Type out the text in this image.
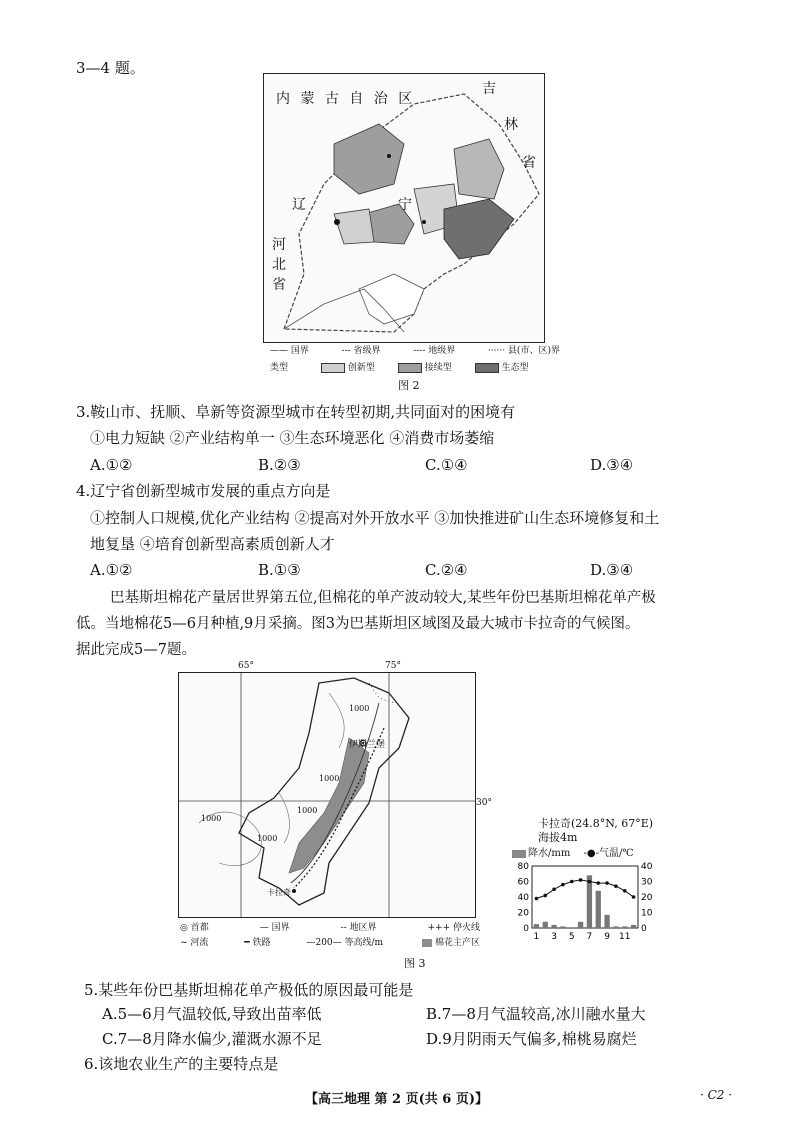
3—4 题。
内 蒙 古 自 治 区
吉
林
省
辽	宁
河
北
省
—— 国界	--- 省级界	---- 地级界	······ 县(市、区)界
类型	创新型	接续型	生态型
图 2
3.鞍山市、抚顺、阜新等资源型城市在转型初期,共同面对的困境有
①电力短缺 ②产业结构单一 ③生态环境恶化 ④消费市场萎缩
A.①②	B.②③	C.①④	D.③④
4.辽宁省创新型城市发展的重点方向是
①控制人口规模,优化产业结构 ②提高对外开放水平 ③加快推进矿山生态环境修复和土
地复垦 ④培育创新型高素质创新人才
A.①②	B.①③	C.②④	D.③④
巴基斯坦棉花产量居世界第五位,但棉花的单产波动较大,某些年份巴基斯坦棉花单产极
低。当地棉花5—6月种植,9月采摘。图3为巴基斯坦区域图及最大城市卡拉奇的气候图。
据此完成5—7题。
65°	75°
30°
1000
1000
1000
1000
1000
伊斯兰堡
卡拉奇
◎ 首都	— 国界	-- 地区界	+++ 停火线
~ 河流	━ 铁路	—200— 等高线/m	棉花主产区
图 3
卡拉奇(24.8°N, 67°E)
海拔4m
降水/mm -●-气温/℃
80
60
40
20
0
40
30
20
10
0
1 3 5 7 9 11
5.某些年份巴基斯坦棉花单产极低的原因最可能是
A.5—6月气温较低,导致出苗率低	B.7—8月气温较高,冰川融水量大
C.7—8月降水偏少,灌溉水源不足	D.9月阴雨天气偏多,棉桃易腐烂
6.该地农业生产的主要特点是
【高三地理 第 2 页(共 6 页)】	· C2 ·
